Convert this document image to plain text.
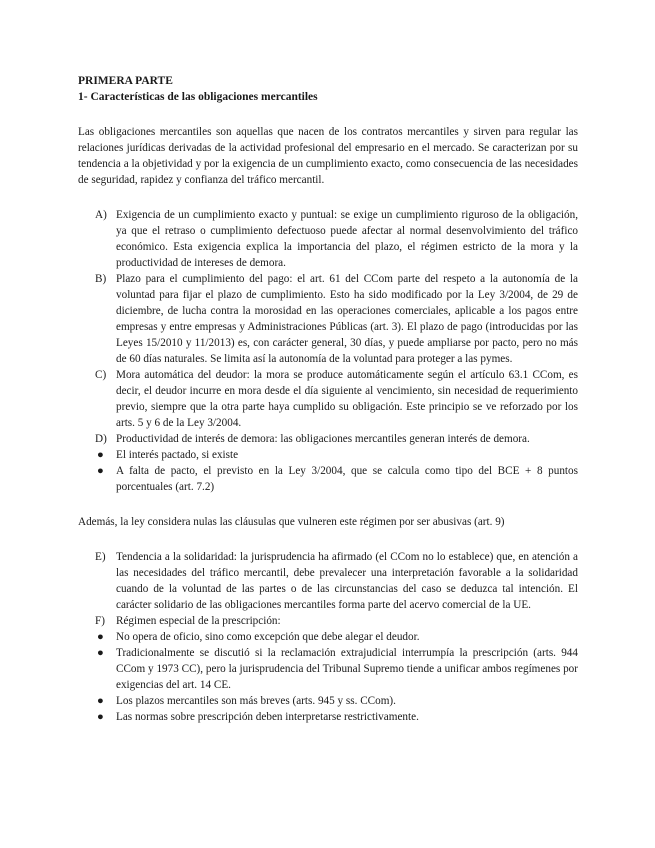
PRIMERA PARTE
1- Características de las obligaciones mercantiles

Las obligaciones mercantiles son aquellas que nacen de los contratos mercantiles y sirven para regular las relaciones jurídicas derivadas de la actividad profesional del empresario en el mercado. Se caracterizan por su tendencia a la objetividad y por la exigencia de un cumplimiento exacto, como consecuencia de las necesidades de seguridad, rapidez y confianza del tráfico mercantil.

A) Exigencia de un cumplimiento exacto y puntual: se exige un cumplimiento riguroso de la obligación, ya que el retraso o cumplimiento defectuoso puede afectar al normal desenvolvimiento del tráfico económico. Esta exigencia explica la importancia del plazo, el régimen estricto de la mora y la productividad de intereses de demora.
B) Plazo para el cumplimiento del pago: el art. 61 del CCom parte del respeto a la autonomía de la voluntad para fijar el plazo de cumplimiento. Esto ha sido modificado por la Ley 3/2004, de 29 de diciembre, de lucha contra la morosidad en las operaciones comerciales, aplicable a los pagos entre empresas y entre empresas y Administraciones Públicas (art. 3). El plazo de pago (introducidas por las Leyes 15/2010 y 11/2013) es, con carácter general, 30 días, y puede ampliarse por pacto, pero no más de 60 días naturales. Se limita así la autonomía de la voluntad para proteger a las pymes.
C) Mora automática del deudor: la mora se produce automáticamente según el artículo 63.1 CCom, es decir, el deudor incurre en mora desde el día siguiente al vencimiento, sin necesidad de requerimiento previo, siempre que la otra parte haya cumplido su obligación. Este principio se ve reforzado por los arts. 5 y 6 de la Ley 3/2004.
D) Productividad de interés de demora: las obligaciones mercantiles generan interés de demora.
● El interés pactado, si existe
● A falta de pacto, el previsto en la Ley 3/2004, que se calcula como tipo del BCE + 8 puntos porcentuales (art. 7.2)

Además, la ley considera nulas las cláusulas que vulneren este régimen por ser abusivas (art. 9)

E) Tendencia a la solidaridad: la jurisprudencia ha afirmado (el CCom no lo establece) que, en atención a las necesidades del tráfico mercantil, debe prevalecer una interpretación favorable a la solidaridad cuando de la voluntad de las partes o de las circunstancias del caso se deduzca tal intención. El carácter solidario de las obligaciones mercantiles forma parte del acervo comercial de la UE.
F) Régimen especial de la prescripción:
● No opera de oficio, sino como excepción que debe alegar el deudor.
● Tradicionalmente se discutió si la reclamación extrajudicial interrumpía la prescripción (arts. 944 CCom y 1973 CC), pero la jurisprudencia del Tribunal Supremo tiende a unificar ambos regímenes por exigencias del art. 14 CE.
● Los plazos mercantiles son más breves (arts. 945 y ss. CCom).
● Las normas sobre prescripción deben interpretarse restrictivamente.
